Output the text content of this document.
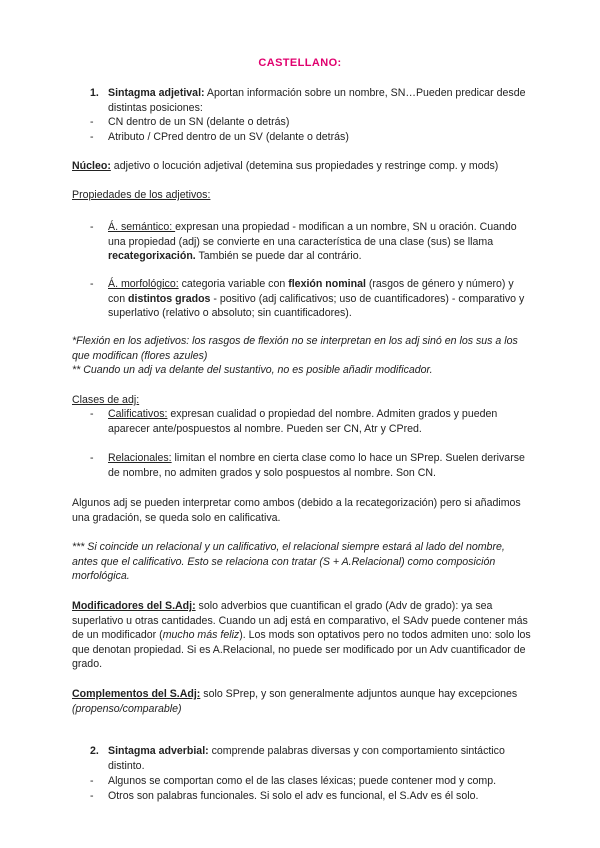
CASTELLANO:
1. Sintagma adjetival: Aportan información sobre un nombre, SN…Pueden predicar desde distintas posiciones:
- CN dentro de un SN (delante o detrás)
- Atributo / CPred dentro de un SV (delante o detrás)
Núcleo: adjetivo o locución adjetival (detemina sus propiedades y restringe comp. y mods)
Propiedades de los adjetivos:
- Á. semántico: expresan una propiedad - modifican a un nombre, SN u oración. Cuando una propiedad (adj) se convierte en una característica de una clase (sus) se llama recategorixación. También se puede dar al contrário.
- Á. morfológico: categoria variable con flexión nominal (rasgos de género y número) y con distintos grados - positivo (adj calificativos; uso de cuantificadores) - comparativo y superlativo (relativo o absoluto; sin cuantificadores).
*Flexión en los adjetivos: los rasgos de flexión no se interpretan en los adj sinó en los sus a los que modifican (flores azules)
** Cuando un adj va delante del sustantivo, no es posible añadir modificador.
Clases de adj:
- Calificativos: expresan cualidad o propiedad del nombre. Admiten grados y pueden aparecer ante/pospuestos al nombre. Pueden ser CN, Atr y CPred.
- Relacionales: limitan el nombre en cierta clase como lo hace un SPrep. Suelen derivarse de nombre, no admiten grados y solo pospuestos al nombre. Son CN.
Algunos adj se pueden interpretar como ambos (debido a la recategorización) pero si añadimos una gradación, se queda solo en calificativa.
*** Si coincide un relacional y un calificativo, el relacional siempre estará al lado del nombre, antes que el calificativo. Esto se relaciona con tratar (S + A.Relacional) como composición morfológica.
Modificadores del S.Adj: solo adverbios que cuantifican el grado (Adv de grado): ya sea superlativo u otras cantidades. Cuando un adj está en comparativo, el SAdv puede contener más de un modificador (mucho más feliz). Los mods son optativos pero no todos admiten uno: solo los que denotan propiedad. Si es A.Relacional, no puede ser modificado por un Adv cuantificador de grado.
Complementos del S.Adj: solo SPrep, y son generalmente adjuntos aunque hay excepciones (propenso/comparable)
2. Sintagma adverbial: comprende palabras diversas y con comportamiento sintáctico distinto.
- Algunos se comportan como el de las clases léxicas; puede contener mod y comp.
- Otros son palabras funcionales. Si solo el adv es funcional, el S.Adv es él solo.
